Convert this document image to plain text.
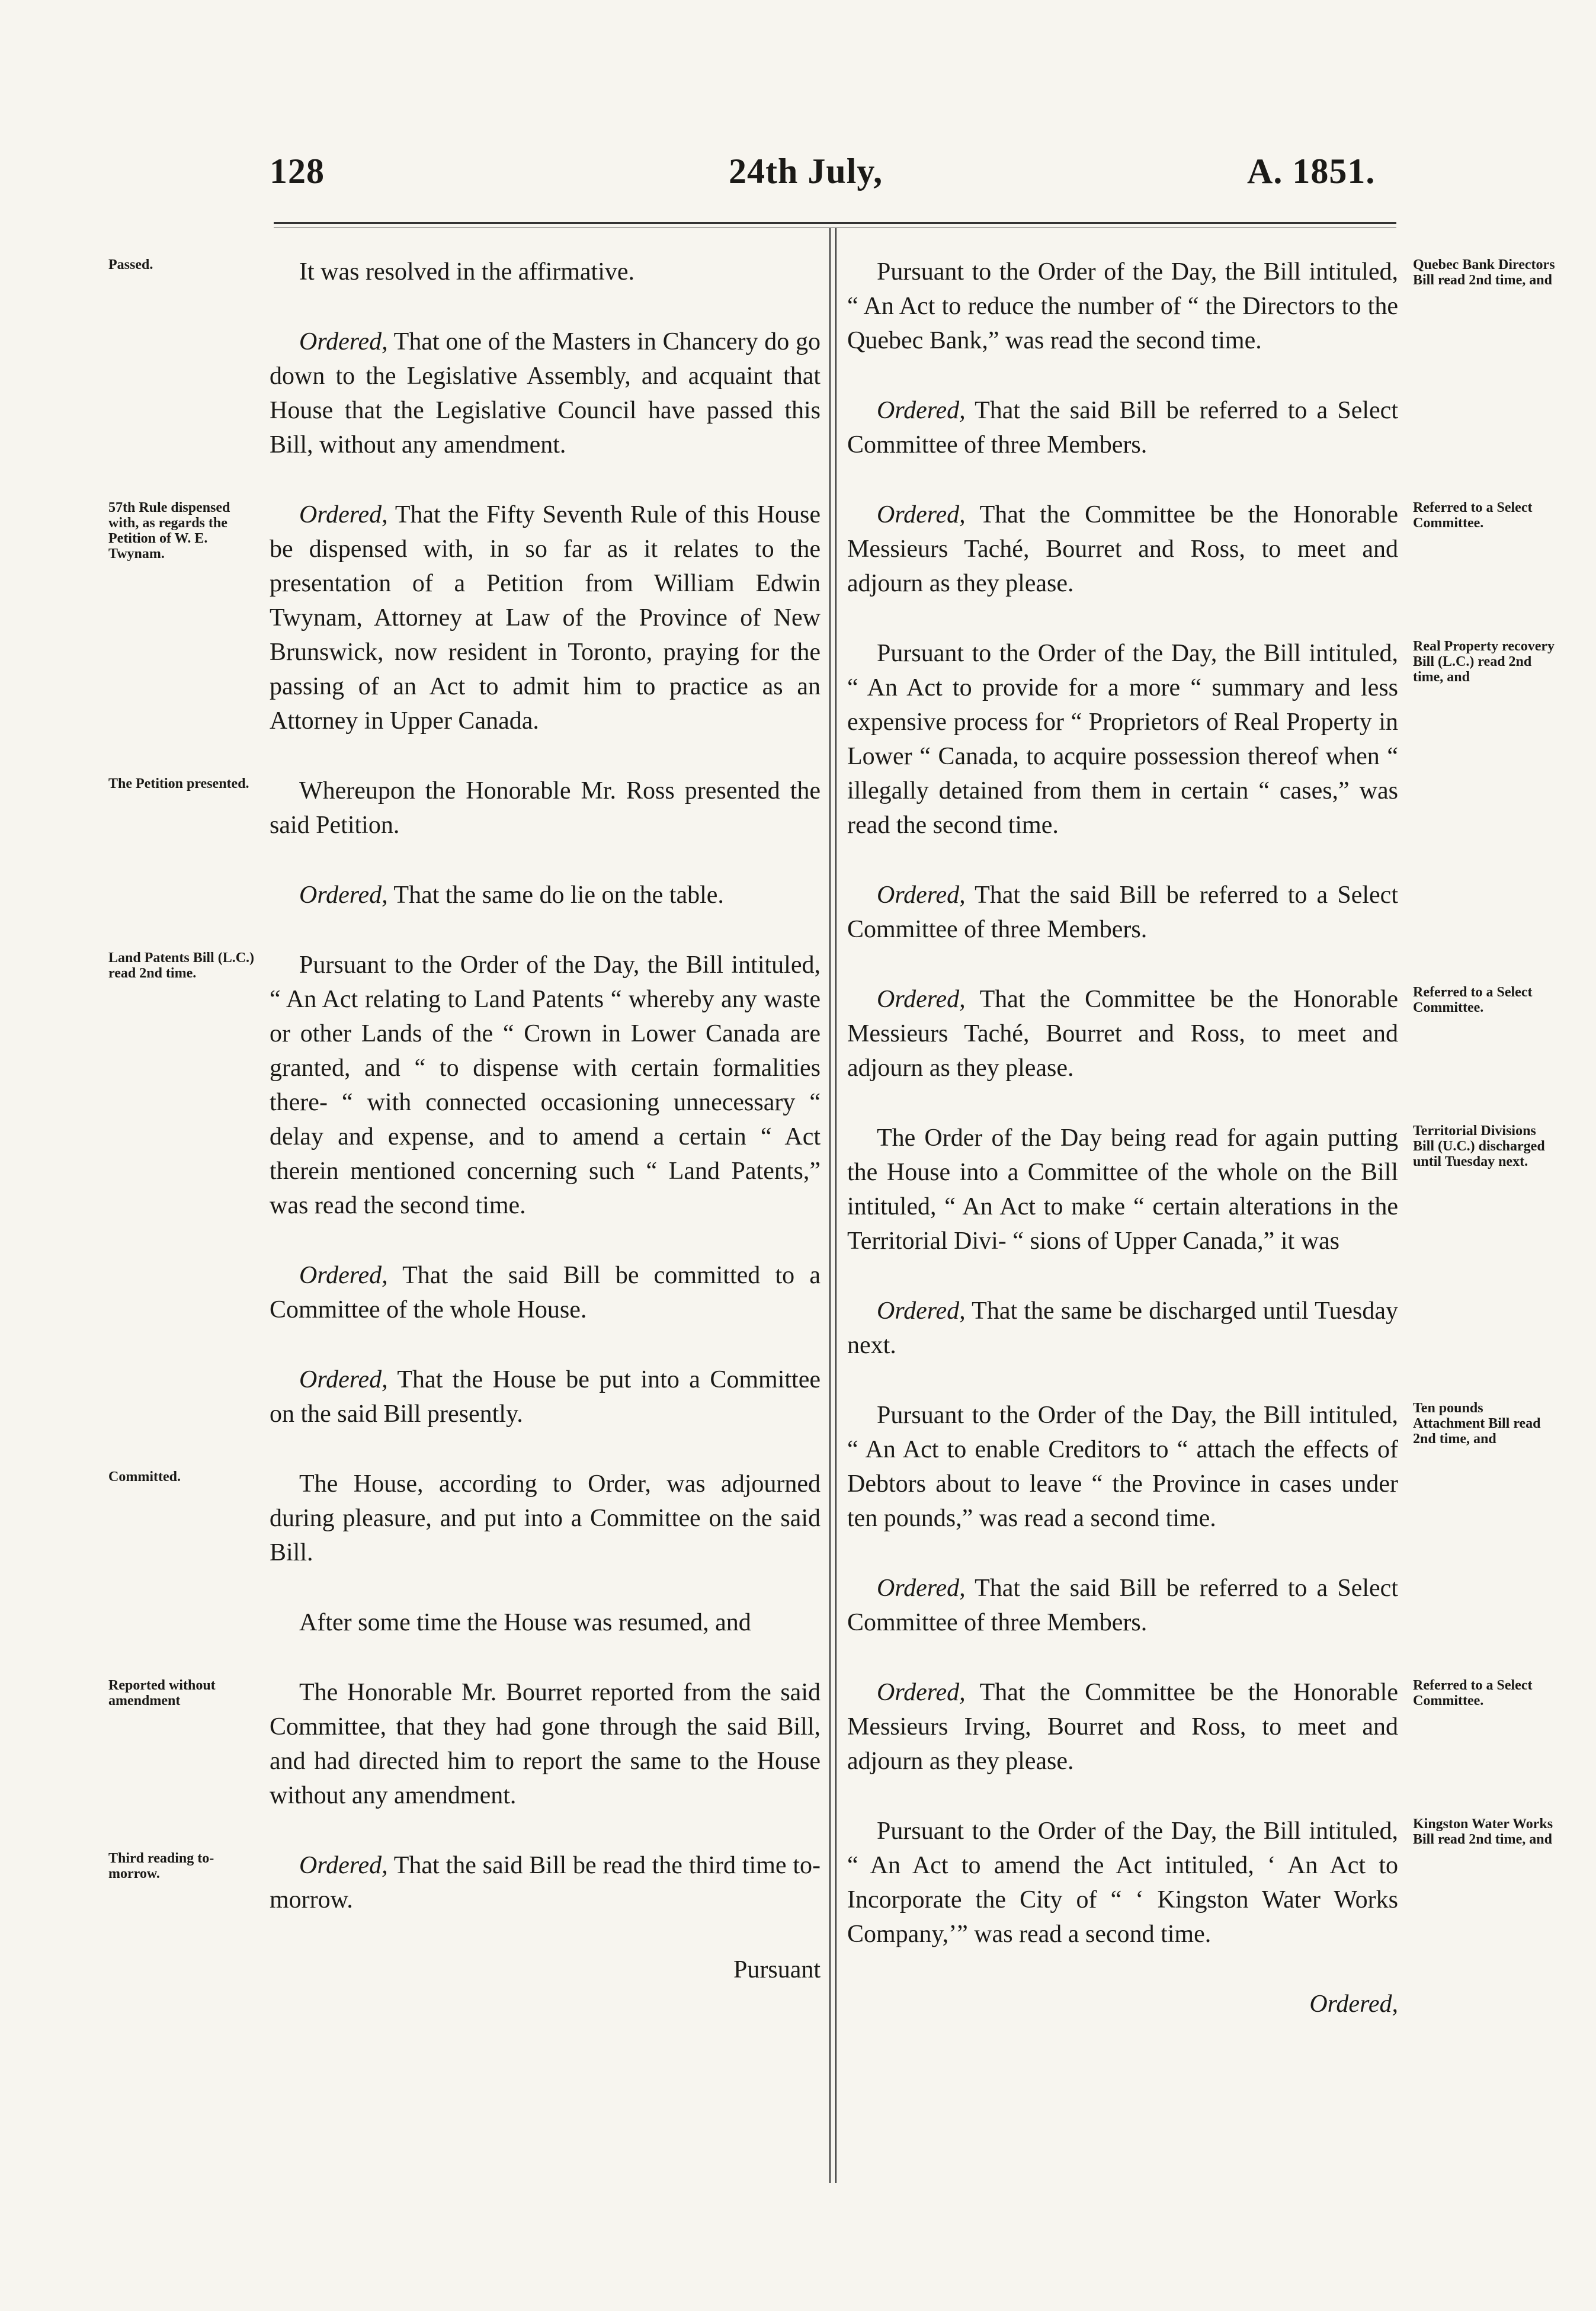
128	24th July,	A. 1851.
Passed.	It was resolved in the affirmative.
Ordered, That one of the Masters in Chancery do go down to the Legislative Assembly, and acquaint that House that the Legislative Council have passed this Bill, without any amendment.
57th Rule dispensed with, as regards the Petition of W. E. Twynam.
Ordered, That the Fifty Seventh Rule of this House be dispensed with, in so far as it relates to the presentation of a Petition from William Edwin Twynam, Attorney at Law of the Province of New Brunswick, now resident in Toronto, praying for the passing of an Act to admit him to practice as an Attorney in Upper Canada.
The Petition presented.	Whereupon the Honorable Mr. Ross presented the said Petition.
Ordered, That the same do lie on the table.
Land Patents Bill (L.C.) read 2nd time.	Pursuant to the Order of the Day, the Bill intituled, “ An Act relating to Land Patents “ whereby any waste or other Lands of the “ Crown in Lower Canada are granted, and “ to dispense with certain formalities there- “ with connected occasioning unnecessary “ delay and expense, and to amend a certain “ Act therein mentioned concerning such “ Land Patents,” was read the second time.
Ordered, That the said Bill be committed to a Committee of the whole House.
Ordered, That the House be put into a Committee on the said Bill presently.
Committed.	The House, according to Order, was adjourned during pleasure, and put into a Committee on the said Bill.
After some time the House was resumed, and
Reported without amendment	The Honorable Mr. Bourret reported from the said Committee, that they had gone through the said Bill, and had directed him to report the same to the House without any amendment.
Third reading to-morrow.	Ordered, That the said Bill be read the third time to-morrow.
Pursuant
Quebec Bank Directors Bill read 2nd time, and
Pursuant to the Order of the Day, the Bill intituled, “ An Act to reduce the number of “ the Directors to the Quebec Bank,” was read the second time.
Ordered, That the said Bill be referred to a Select Committee of three Members.
Referred to a Select Committee.
Ordered, That the Committee be the Honorable Messieurs Taché, Bourret and Ross, to meet and adjourn as they please.
Real Property recovery Bill (L.C.) read 2nd time, and
Pursuant to the Order of the Day, the Bill intituled, “ An Act to provide for a more “ summary and less expensive process for “ Proprietors of Real Property in Lower “ Canada, to acquire possession thereof when “ illegally detained from them in certain “ cases,” was read the second time.
Ordered, That the said Bill be referred to a Select Committee of three Members.
Referred to a Select Committee.
Ordered, That the Committee be the Honorable Messieurs Taché, Bourret and Ross, to meet and adjourn as they please.
Territorial Divisions Bill (U.C.) discharged until Tuesday next.
The Order of the Day being read for again putting the House into a Committee of the whole on the Bill intituled, “ An Act to make “ certain alterations in the Territorial Divi- “ sions of Upper Canada,” it was
Ordered, That the same be discharged until Tuesday next.
Ten pounds Attachment Bill read 2nd time, and
Pursuant to the Order of the Day, the Bill intituled, “ An Act to enable Creditors to “ attach the effects of Debtors about to leave “ the Province in cases under ten pounds,” was read a second time.
Ordered, That the said Bill be referred to a Select Committee of three Members.
Referred to a Select Committee.
Ordered, That the Committee be the Honorable Messieurs Irving, Bourret and Ross, to meet and adjourn as they please.
Kingston Water Works Bill read 2nd time, and
Pursuant to the Order of the Day, the Bill intituled, “ An Act to amend the Act intituled, ‘ An Act to Incorporate the City of “ ‘ Kingston Water Works Company,’” was read a second time.
Ordered,
